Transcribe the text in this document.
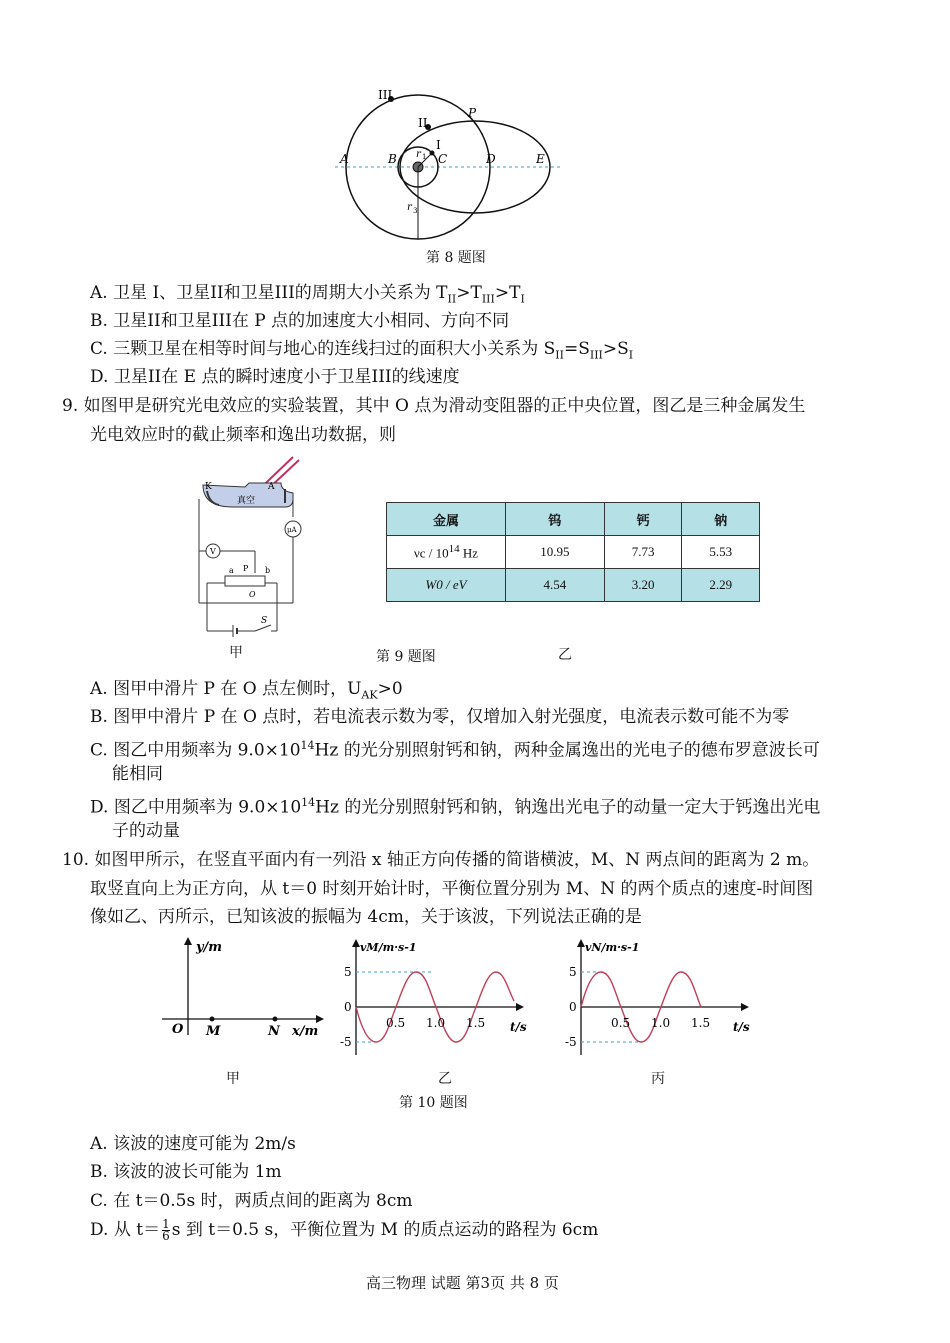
III
II
I
P
A	B	C	D	E
r 1
r 3
第 8 题图
A. 卫星 I、卫星II和卫星III的周期大小关系为 $T_{II}>T_{III}>T_I$
B. 卫星II和卫星III在 P 点的加速度大小相同、方向不同
C. 三颗卫星在相等时间与地心的连线扫过的面积大小关系为 $S_{II}=S_{III}>S_I$
D. 卫星II在 E 点的瞬时速度小于卫星III的线速度
9. 如图甲是研究光电效应的实验装置，其中 O 点为滑动变阻器的正中央位置，图乙是三种金属发生
光电效应时的截止频率和逸出功数据，则
K	A
真空
μA
V
a P b
O
S
金属	钨	钙	钠
νc / $10^{14}$ Hz	10.95	7.73	5.53
W0 / eV	4.54	3.20	2.29
甲	第 9 题图	乙
A. 图甲中滑片 P 在 O 点左侧时，$U_{AK}>0$
B. 图甲中滑片 P 在 O 点时，若电流表示数为零，仅增加入射光强度，电流表示数可能不为零
C. 图乙中用频率为 $9.0\times 10^{14}Hz$ 的光分别照射钙和钠，两种金属逸出的光电子的德布罗意波长可
能相同
D. 图乙中用频率为 $9.0\times 10^{14}Hz$ 的光分别照射钙和钠，钠逸出光电子的动量一定大于钙逸出光电
子的动量
10. 如图甲所示，在竖直平面内有一列沿 x 轴正方向传播的简谐横波，M、N 两点间的距离为 2 m。
取竖直向上为正方向，从 t＝0 时刻开始计时，平衡位置分别为 M、N 的两个质点的速度-时间图
像如乙、丙所示，已知该波的振幅为 4cm，关于该波，下列说法正确的是
y/m
O M	N x/m
甲
vM/m·s-1
5
0
-5
0.5 1.0 1.5 t/s
乙
vN/m·s-1
5
0
-5
0.5 1.0 1.5 t/s
丙
第 10 题图
A. 该波的速度可能为 2m/s
B. 该波的波长可能为 1m
C. 在 t＝0.5s 时，两质点间的距离为 8cm
D. 从 $t= \frac{1}{6}$ s 到 t＝0.5 s，平衡位置为 M 的质点运动的路程为 6cm
高三物理 试题 第3页 共 8 页
